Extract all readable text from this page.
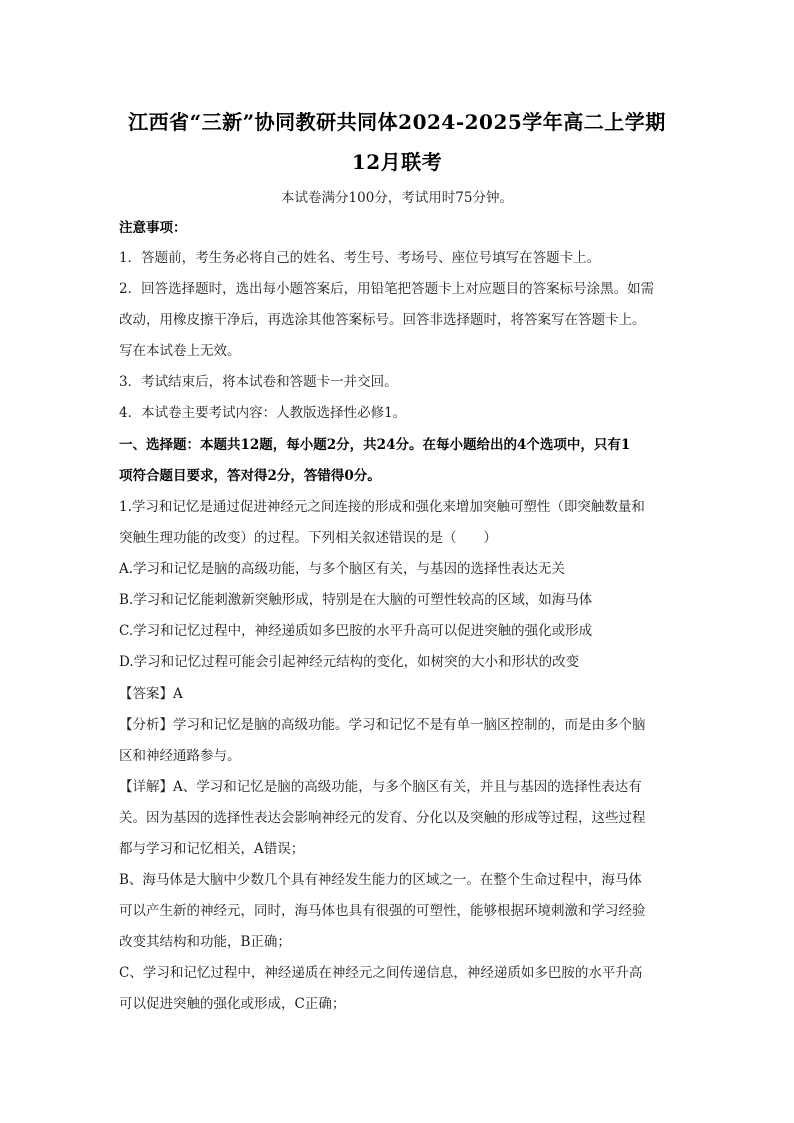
江西省“三新”协同教研共同体2024-2025学年高二上学期
12月联考
本试卷满分100分，考试用时75分钟。
注意事项：
1．答题前，考生务必将自己的姓名、考生号、考场号、座位号填写在答题卡上。
2．回答选择题时，选出每小题答案后，用铅笔把答题卡上对应题目的答案标号涂黑。如需
改动，用橡皮擦干净后，再选涂其他答案标号。回答非选择题时，将答案写在答题卡上。
写在本试卷上无效。
3．考试结束后，将本试卷和答题卡一并交回。
4．本试卷主要考试内容：人教版选择性必修1。
一、选择题：本题共12题，每小题2分，共24分。在每小题给出的4个选项中，只有1
项符合题目要求，答对得2分，答错得0分。
1.学习和记忆是通过促进神经元之间连接的形成和强化来增加突触可塑性（即突触数量和
突触生理功能的改变）的过程。下列相关叙述错误的是（　　）
A.学习和记忆是脑的高级功能，与多个脑区有关，与基因的选择性表达无关
B.学习和记忆能刺激新突触形成，特别是在大脑的可塑性较高的区域，如海马体
C.学习和记忆过程中，神经递质如多巴胺的水平升高可以促进突触的强化或形成
D.学习和记忆过程可能会引起神经元结构的变化，如树突的大小和形状的改变
【答案】A
【分析】学习和记忆是脑的高级功能。学习和记忆不是有单一脑区控制的，而是由多个脑
区和神经通路参与。
【详解】A、学习和记忆是脑的高级功能，与多个脑区有关，并且与基因的选择性表达有
关。因为基因的选择性表达会影响神经元的发育、分化以及突触的形成等过程，这些过程
都与学习和记忆相关，A错误；
B、海马体是大脑中少数几个具有神经发生能力的区域之一。在整个生命过程中，海马体
可以产生新的神经元，同时，海马体也具有很强的可塑性，能够根据环境刺激和学习经验
改变其结构和功能，B正确；
C、学习和记忆过程中，神经递质在神经元之间传递信息，神经递质如多巴胺的水平升高
可以促进突触的强化或形成，C正确；
